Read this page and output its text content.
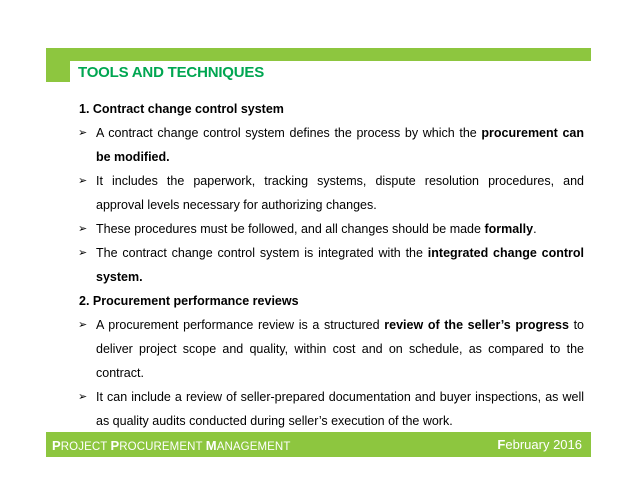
TOOLS AND TECHNIQUES

1. Contract change control system

➢ A contract change control system defines the process by which the procurement can be modified.

➢ It includes the paperwork, tracking systems, dispute resolution procedures, and approval levels necessary for authorizing changes.

➢ These procedures must be followed, and all changes should be made formally.

➢ The contract change control system is integrated with the integrated change control system.

2. Procurement performance reviews

➢ A procurement performance review is a structured review of the seller’s progress to deliver project scope and quality, within cost and on schedule, as compared to the contract.

➢ It can include a review of seller-prepared documentation and buyer inspections, as well as quality audits conducted during seller’s execution of the work.

PROJECT PROCUREMENT MANAGEMENT	February 2016
